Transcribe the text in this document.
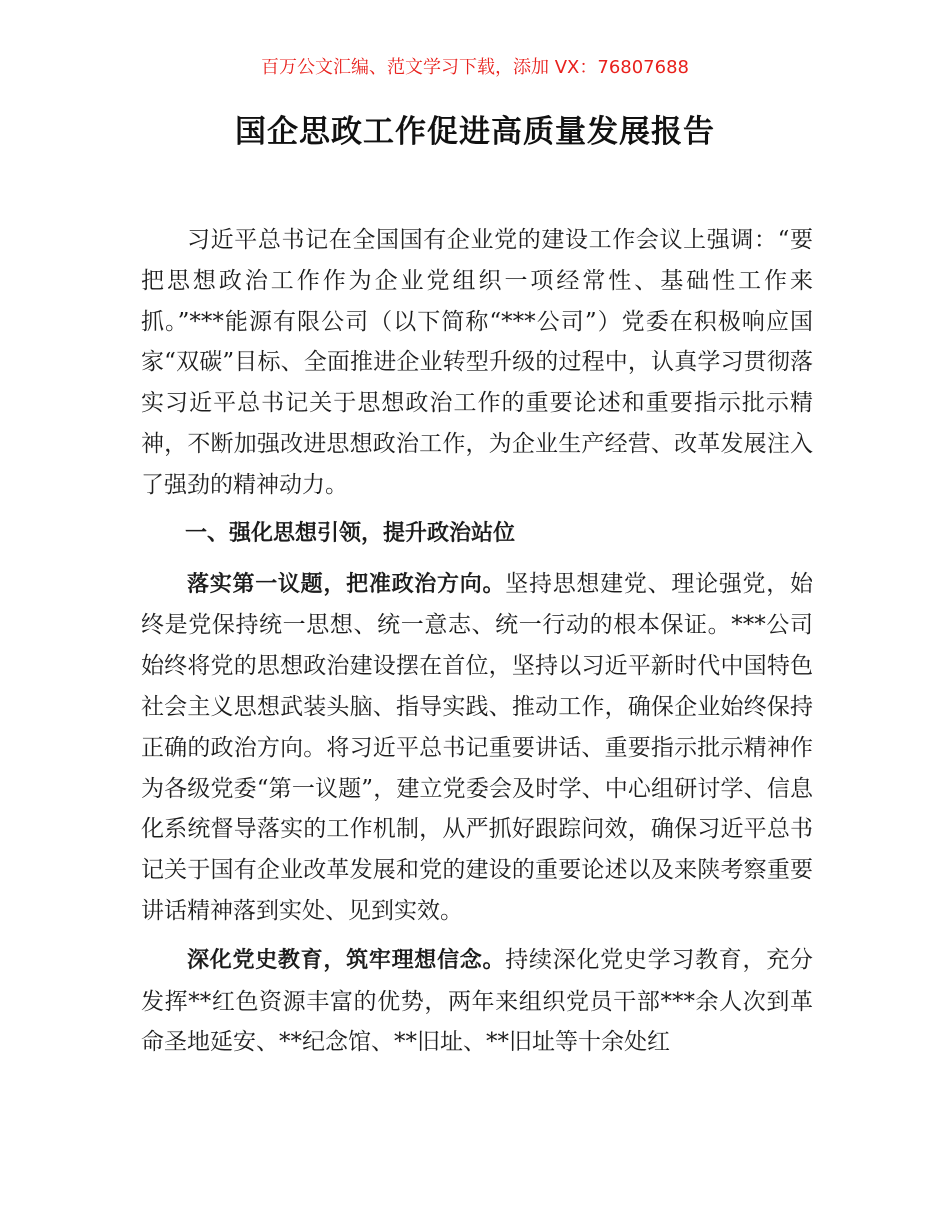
百万公文汇编、范文学习下载，添加 VX：76807688
国企思政工作促进高质量发展报告

习近平总书记在全国国有企业党的建设工作会议上强调：“要把思想政治工作作为企业党组织一项经常性、基础性工作来抓。”***能源有限公司（以下简称“***公司”）党委在积极响应国家“双碳”目标、全面推进企业转型升级的过程中，认真学习贯彻落实习近平总书记关于思想政治工作的重要论述和重要指示批示精神，不断加强改进思想政治工作，为企业生产经营、改革发展注入了强劲的精神动力。

一、强化思想引领，提升政治站位

落实第一议题，把准政治方向。坚持思想建党、理论强党，始终是党保持统一思想、统一意志、统一行动的根本保证。***公司始终将党的思想政治建设摆在首位，坚持以习近平新时代中国特色社会主义思想武装头脑、指导实践、推动工作，确保企业始终保持正确的政治方向。将习近平总书记重要讲话、重要指示批示精神作为各级党委“第一议题”，建立党委会及时学、中心组研讨学、信息化系统督导落实的工作机制，从严抓好跟踪问效，确保习近平总书记关于国有企业改革发展和党的建设的重要论述以及来陕考察重要讲话精神落到实处、见到实效。

深化党史教育，筑牢理想信念。持续深化党史学习教育，充分发挥**红色资源丰富的优势，两年来组织党员干部***余人次到革命圣地延安、**纪念馆、**旧址、**旧址等十余处红
